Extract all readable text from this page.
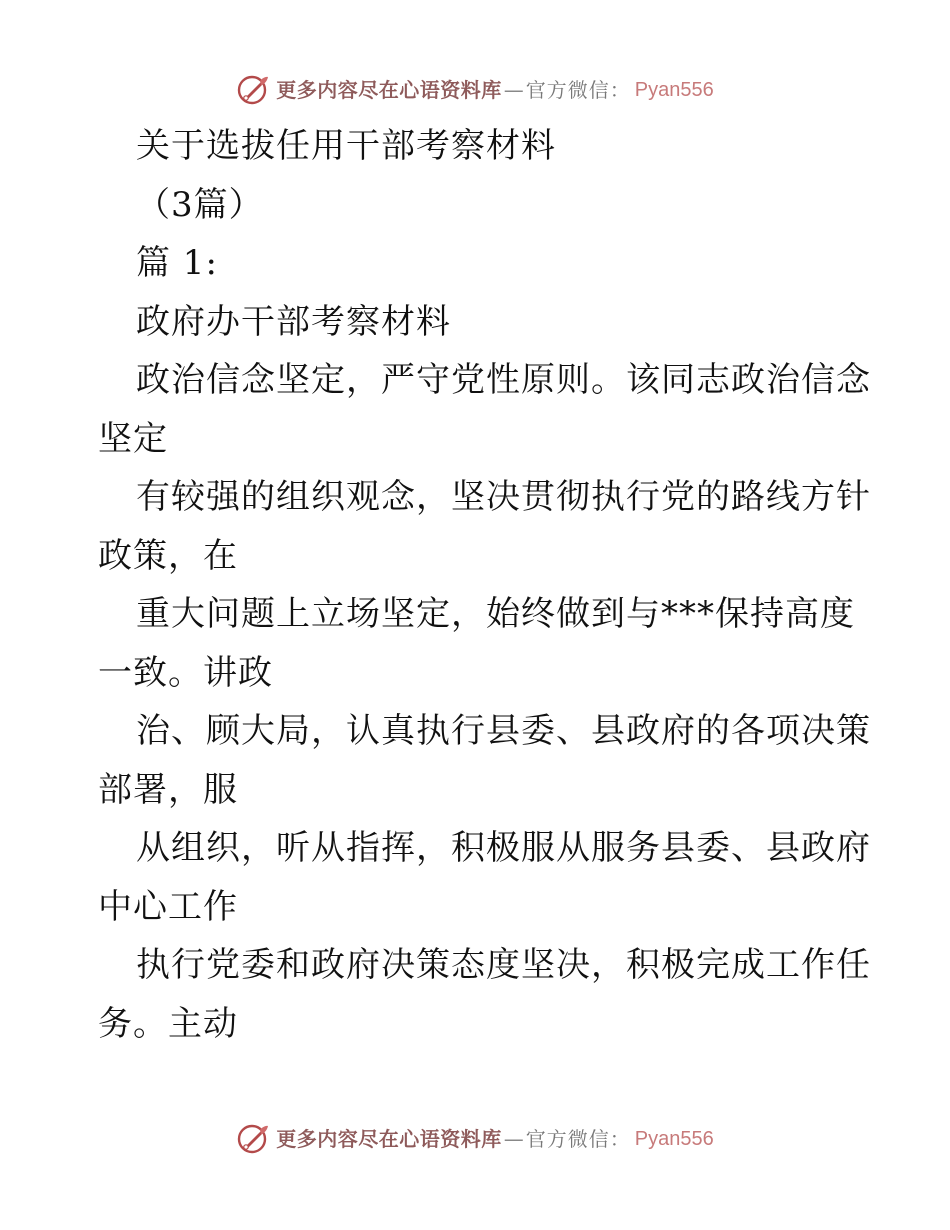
更多内容尽在心语资料库 — 官方微信： Pyan556
关于选拔任用干部考察材料
（3篇）
篇 1:
政府办干部考察材料
政治信念坚定，严守党性原则。该同志政治信念
坚定
有较强的组织观念，坚决贯彻执行党的路线方针
政策，在
重大问题上立场坚定，始终做到与***保持高度
一致。讲政
治、顾大局，认真执行县委、县政府的各项决策
部署，服
从组织，听从指挥，积极服从服务县委、县政府
中心工作
执行党委和政府决策态度坚决，积极完成工作任
务。主动
更多内容尽在心语资料库 — 官方微信： Pyan556
